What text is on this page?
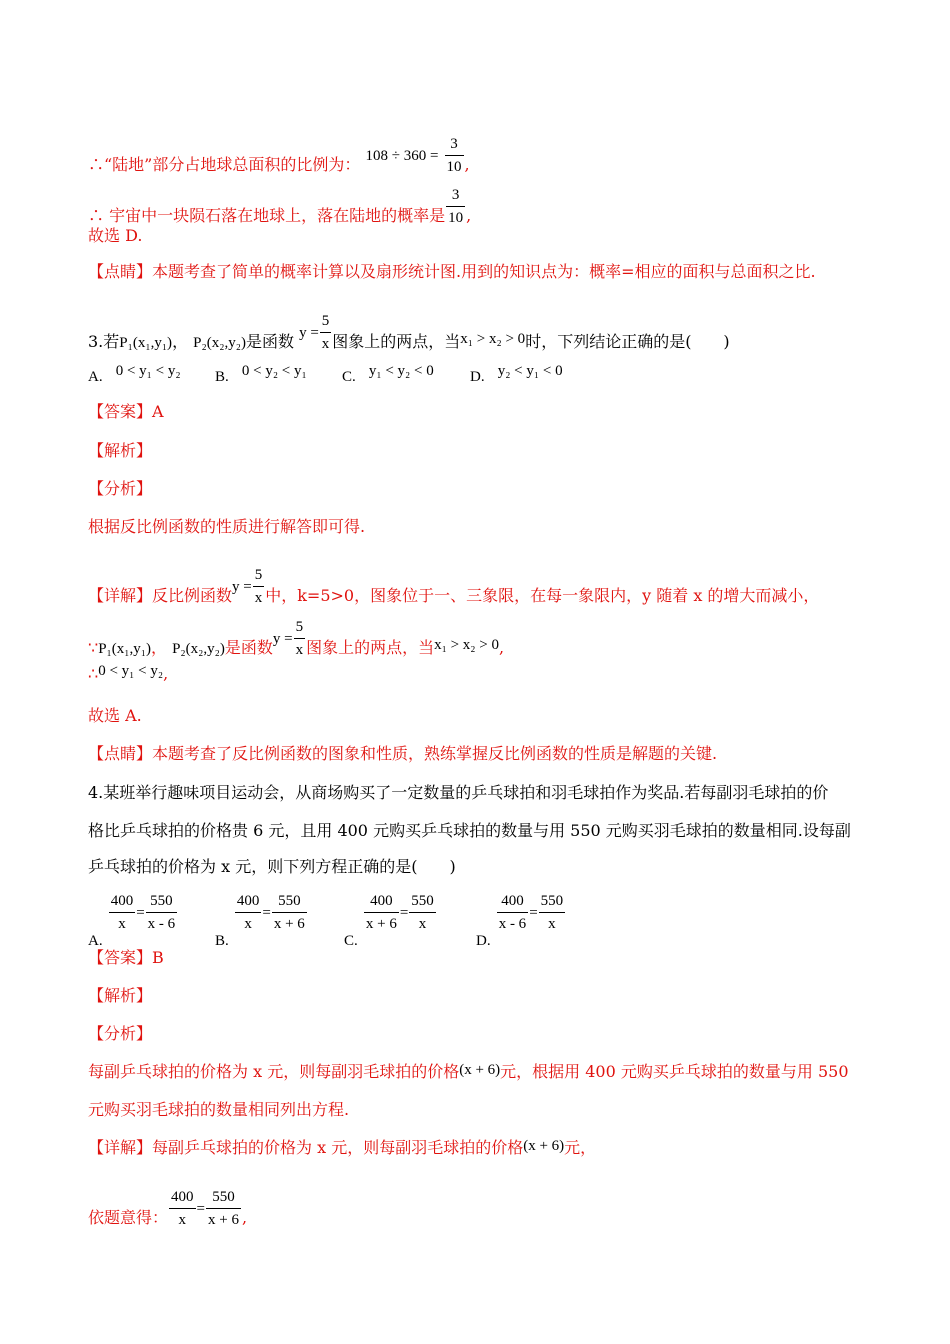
∴“陆地”部分占地球总面积的比例为： $108 \div 360 = \frac{3}{10}$ ,
∴ 宇宙中一块陨石落在地球上，落在陆地的概率是 $\frac{3}{10}$ ,
故选 D.
【点睛】本题考查了简单的概率计算以及扇形统计图.用到的知识点为：概率=相应的面积与总面积之比.
3.若P₁(x₁,y₁)， P₂(x₂,y₂)是函数 $y = \frac{5}{x}$ 图象上的两点，当x₁ > x₂ > 0时，下列结论正确的是(　　)
A. 0 < y₁ < y₂ B. 0 < y₂ < y₁ C. y₁ < y₂ < 0 D. y₂ < y₁ < 0
【答案】A
【解析】
【分析】
根据反比例函数的性质进行解答即可得.
【详解】反比例函数$y = \frac{5}{x}$ 中，k=5>0，图象位于一、三象限，在每一象限内，y 随着 x 的增大而减小，
∵P₁(x₁,y₁)， P₂(x₂,y₂)是函数$y = \frac{5}{x}$ 图象上的两点，当x₁ > x₂ > 0,
∴0 < y₁ < y₂,
故选 A.
【点睛】本题考查了反比例函数的图象和性质，熟练掌握反比例函数的性质是解题的关键.
4.某班举行趣味项目运动会，从商场购买了一定数量的乒乓球拍和羽毛球拍作为奖品.若每副羽毛球拍的价
格比乒乓球拍的价格贵 6 元，且用 400 元购买乒乓球拍的数量与用 550 元购买羽毛球拍的数量相同.设每副
乒乓球拍的价格为 x 元，则下列方程正确的是(　　)
A.
$\frac{400}{x} = \frac{550}{x - 6}$
B.
$\frac{400}{x} = \frac{550}{x + 6}$
C.
$\frac{400}{x + 6} = \frac{550}{x}$
D.
$\frac{400}{x - 6} = \frac{550}{x}$
【答案】B
【解析】
【分析】
每副乒乓球拍的价格为 x 元，则每副羽毛球拍的价格(x + 6)元，根据用 400 元购买乒乓球拍的数量与用 550
元购买羽毛球拍的数量相同列出方程.
【详解】每副乒乓球拍的价格为 x 元，则每副羽毛球拍的价格(x + 6)元，
依题意得： $\frac{400}{x} = \frac{550}{x + 6}$ ,
